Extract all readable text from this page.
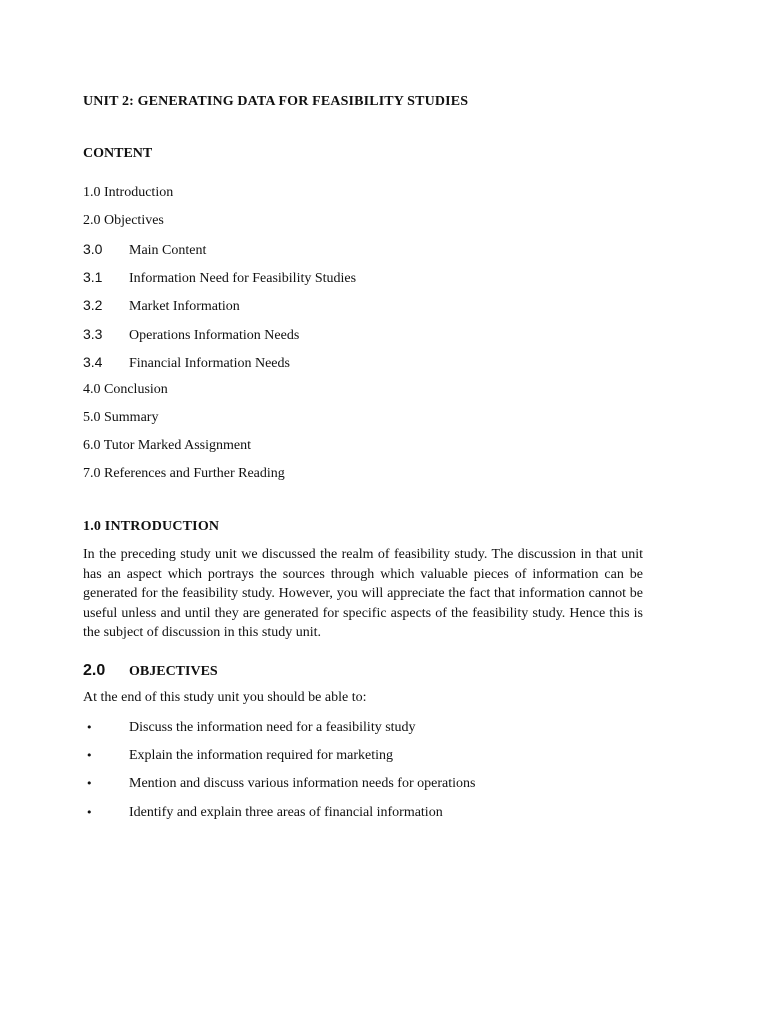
UNIT 2: GENERATING DATA FOR FEASIBILITY STUDIES
CONTENT
1.0 Introduction
2.0 Objectives
3.0 Main Content
3.1 Information Need for Feasibility Studies
3.2 Market Information
3.3 Operations Information Needs
3.4 Financial Information Needs
4.0 Conclusion
5.0 Summary
6.0 Tutor Marked Assignment
7.0 References and Further Reading
1.0 INTRODUCTION
In the preceding study unit we discussed the realm of feasibility study. The discussion in that unit has an aspect which portrays the sources through which valuable pieces of information can be generated for the feasibility study. However, you will appreciate the fact that information cannot be useful unless and until they are generated for specific aspects of the feasibility study. Hence this is the subject of discussion in this study unit.
2.0 OBJECTIVES
At the end of this study unit you should be able to:
•	Discuss the information need for a feasibility study
•	Explain the information required for marketing
•	Mention and discuss various information needs for operations
•	Identify and explain three areas of financial information
